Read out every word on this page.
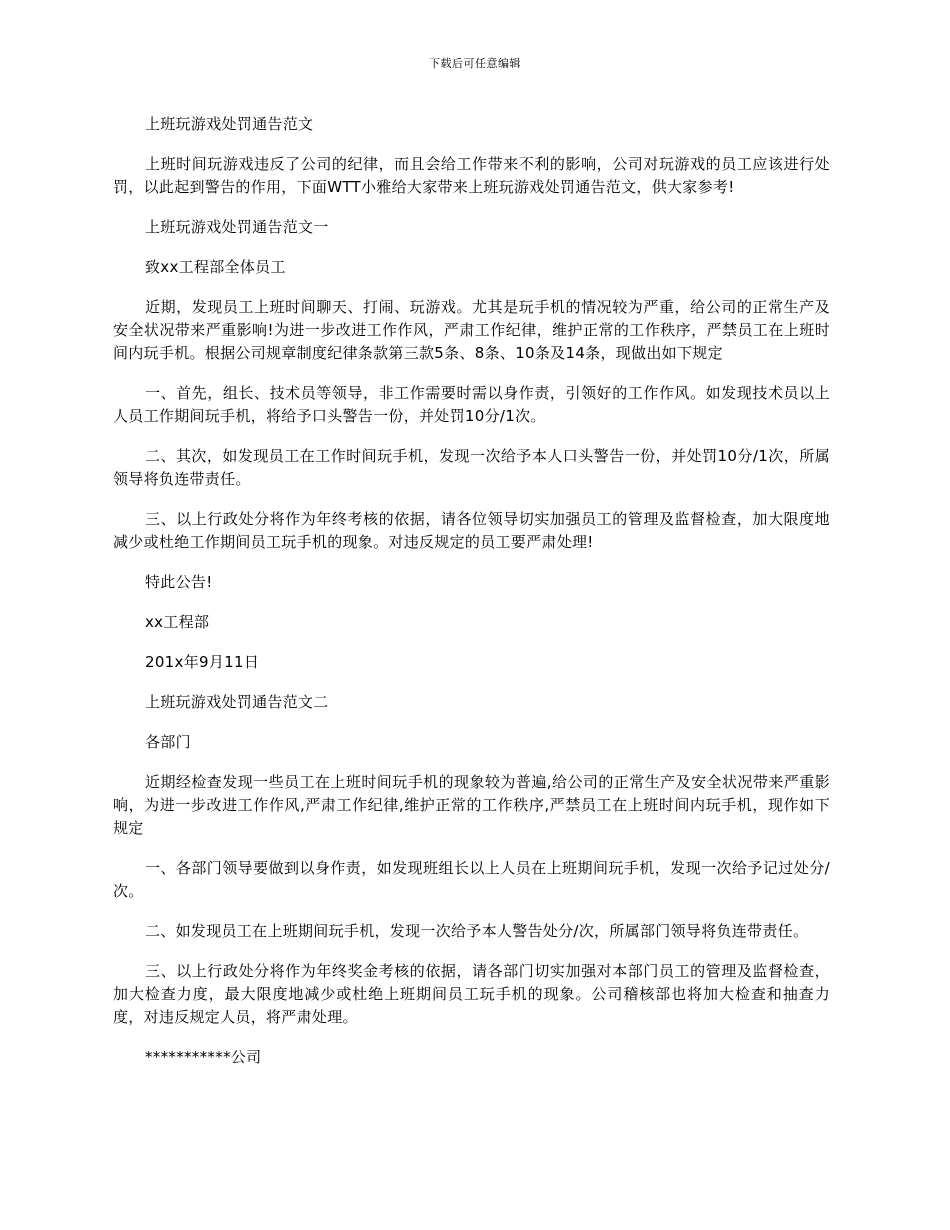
下载后可任意编辑

上班玩游戏处罚通告范文

上班时间玩游戏违反了公司的纪律，而且会给工作带来不利的影响，公司对玩游戏的员工应该进行处罚，以此起到警告的作用，下面WTT小雅给大家带来上班玩游戏处罚通告范文，供大家参考!

上班玩游戏处罚通告范文一

致xx工程部全体员工

近期，发现员工上班时间聊天、打闹、玩游戏。尤其是玩手机的情况较为严重，给公司的正常生产及安全状况带来严重影响!为进一步改进工作作风，严肃工作纪律，维护正常的工作秩序，严禁员工在上班时间内玩手机。根据公司规章制度纪律条款第三款5条、8条、10条及14条，现做出如下规定

一、首先，组长、技术员等领导，非工作需要时需以身作责，引领好的工作作风。如发现技术员以上人员工作期间玩手机，将给予口头警告一份，并处罚10分/1次。

二、其次，如发现员工在工作时间玩手机，发现一次给予本人口头警告一份，并处罚10分/1次，所属领导将负连带责任。

三、以上行政处分将作为年终考核的依据，请各位领导切实加强员工的管理及监督检查，加大限度地减少或杜绝工作期间员工玩手机的现象。对违反规定的员工要严肃处理!

特此公告!

xx工程部

201x年9月11日

上班玩游戏处罚通告范文二

各部门

近期经检查发现一些员工在上班时间玩手机的现象较为普遍,给公司的正常生产及安全状况带来严重影响，为进一步改进工作作风,严肃工作纪律,维护正常的工作秩序,严禁员工在上班时间内玩手机，现作如下规定

一、各部门领导要做到以身作责，如发现班组长以上人员在上班期间玩手机，发现一次给予记过处分/次。

二、如发现员工在上班期间玩手机，发现一次给予本人警告处分/次，所属部门领导将负连带责任。

三、以上行政处分将作为年终奖金考核的依据，请各部门切实加强对本部门员工的管理及监督检查，加大检查力度，最大限度地减少或杜绝上班期间员工玩手机的现象。公司稽核部也将加大检查和抽查力度，对违反规定人员，将严肃处理。

***********公司
